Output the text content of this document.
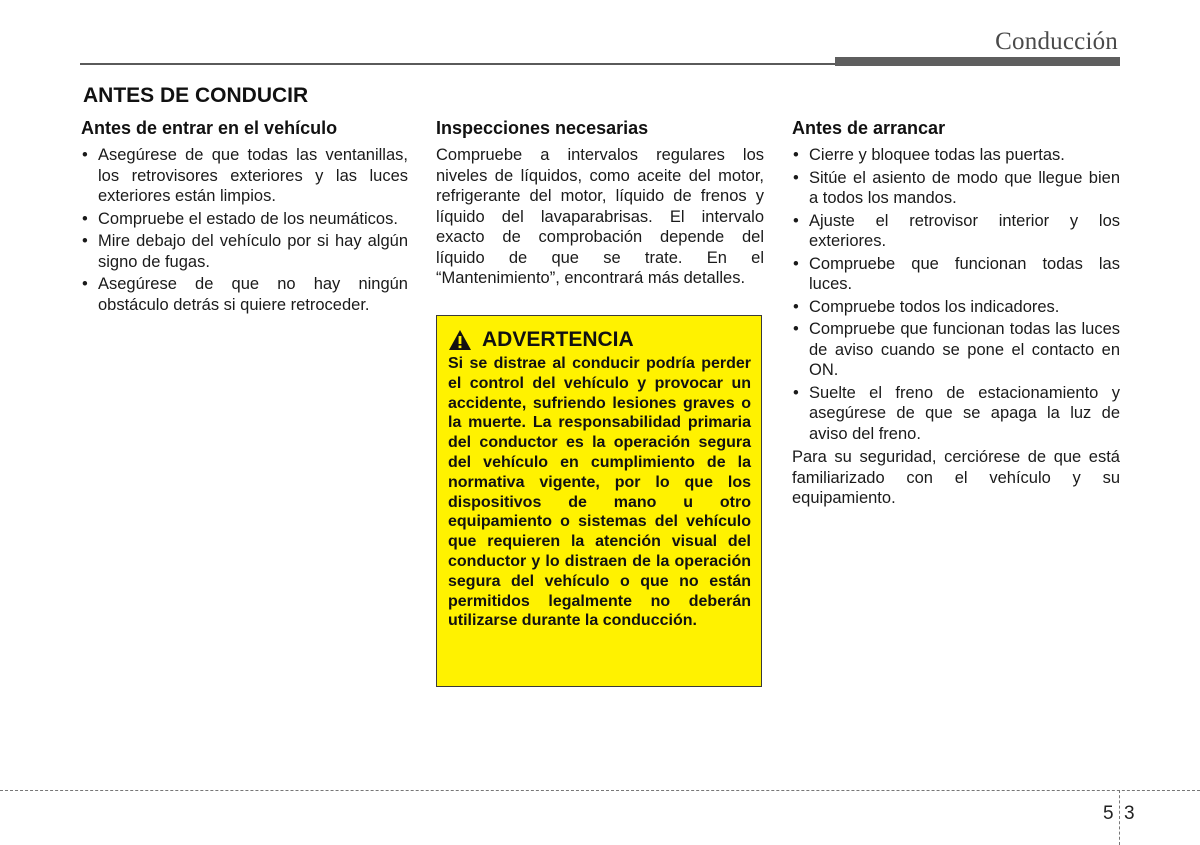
Conducción
ANTES DE CONDUCIR
Antes de entrar en el vehículo
• Asegúrese de que todas las ventanillas, los retrovisores exteriores y las luces exteriores están limpios.
• Compruebe el estado de los neumáticos.
• Mire debajo del vehículo por si hay algún signo de fugas.
• Asegúrese de que no hay ningún obstáculo detrás si quiere retroceder.
Inspecciones necesarias

Compruebe a intervalos regulares los niveles de líquidos, como aceite del motor, refrigerante del motor, líquido de frenos y líquido del lavaparabrisas. El intervalo exacto de comprobación depende del líquido de que se trate. En el “Mantenimiento”, encontrará más detalles.

ADVERTENCIA

Si se distrae al conducir podría perder el control del vehículo y provocar un accidente, sufriendo lesiones graves o la muerte. La responsabilidad primaria del conductor es la operación segura del vehículo en cumplimiento de la normativa vigente, por lo que los dispositivos de mano u otro equipamiento o sistemas del vehículo que requieren la atención visual del conductor y lo distraen de la operación segura del vehículo o que no están permitidos legalmente no deberán utilizarse durante la conducción.

Antes de arrancar
• Cierre y bloquee todas las puertas.
• Sitúe el asiento de modo que llegue bien a todos los mandos.
• Ajuste el retrovisor interior y los exteriores.
• Compruebe que funcionan todas las luces.
• Compruebe todos los indicadores.
• Compruebe que funcionan todas las luces de aviso cuando se pone el contacto en ON.
• Suelte el freno de estacionamiento y asegúrese de que se apaga la luz de aviso del freno.

Para su seguridad, cerciórese de que está familiarizado con el vehículo y su equipamiento.

5 3
